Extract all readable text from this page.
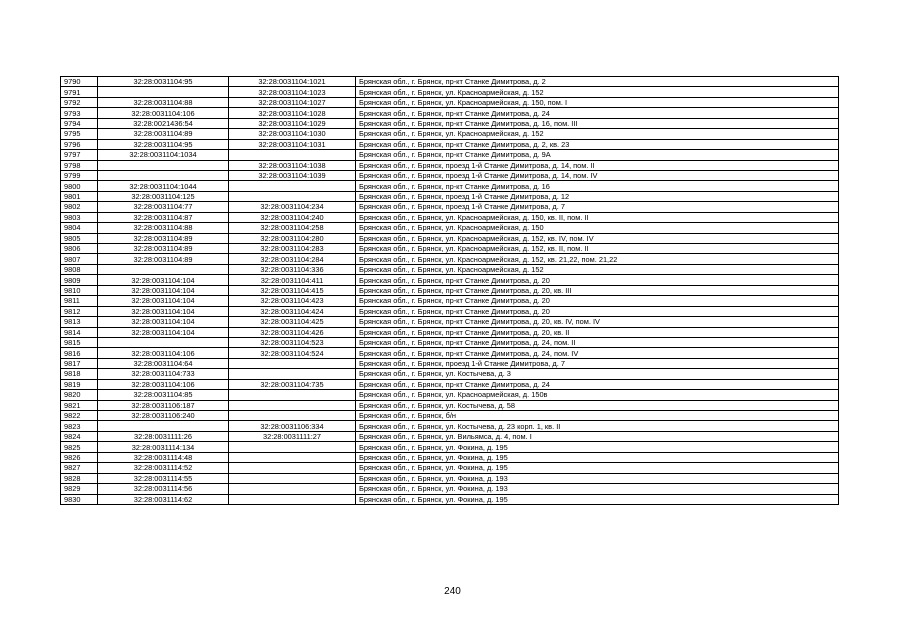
9790	32:28:0031104:95	32:28:0031104:1021	Брянская обл., г. Брянск, пр-кт Станке Димитрова, д. 2
9791		32:28:0031104:1023	Брянская обл., г. Брянск, ул. Красноармейская, д. 152
9792	32:28:0031104:88	32:28:0031104:1027	Брянская обл., г. Брянск, ул. Красноармейская, д. 150, пом. I
9793	32:28:0031104:106	32:28:0031104:1028	Брянская обл., г. Брянск, пр-кт Станке Димитрова, д. 24
9794	32:28:0021436:54	32:28:0031104:1029	Брянская обл., г. Брянск, пр-кт Станке Димитрова, д. 16, пом. III
9795	32:28:0031104:89	32:28:0031104:1030	Брянская обл., г. Брянск, ул. Красноармейская, д. 152
9796	32:28:0031104:95	32:28:0031104:1031	Брянская обл., г. Брянск, пр-кт Станке Димитрова, д. 2, кв. 23
9797	32:28:0031104:1034		Брянская обл., г. Брянск, пр-кт Станке Димитрова, д. 9А
9798		32:28:0031104:1038	Брянская обл., г. Брянск, проезд 1-й Станке Димитрова, д. 14, пом. II
9799		32:28:0031104:1039	Брянская обл., г. Брянск, проезд 1-й Станке Димитрова, д. 14, пом. IV
9800	32:28:0031104:1044		Брянская обл., г. Брянск, пр-кт Станке Димитрова, д. 16
9801	32:28:0031104:125		Брянская обл., г. Брянск, проезд 1-й Станке Димитрова, д. 12
9802	32:28:0031104:77	32:28:0031104:234	Брянская обл., г. Брянск, проезд 1-й Станке Димитрова, д. 7
9803	32:28:0031104:87	32:28:0031104:240	Брянская обл., г. Брянск, ул. Красноармейская, д. 150, кв. II, пом. II
9804	32:28:0031104:88	32:28:0031104:258	Брянская обл., г. Брянск, ул. Красноармейская, д. 150
9805	32:28:0031104:89	32:28:0031104:280	Брянская обл., г. Брянск, ул. Красноармейская, д. 152, кв. IV, пом. IV
9806	32:28:0031104:89	32:28:0031104:283	Брянская обл., г. Брянск, ул. Красноармейская, д. 152, кв. II, пом. II
9807	32:28:0031104:89	32:28:0031104:284	Брянская обл., г. Брянск, ул. Красноармейская, д. 152, кв. 21,22, пом. 21,22
9808		32:28:0031104:336	Брянская обл., г. Брянск, ул. Красноармейская, д. 152
9809	32:28:0031104:104	32:28:0031104:411	Брянская обл., г. Брянск, пр-кт Станке Димитрова, д. 20
9810	32:28:0031104:104	32:28:0031104:415	Брянская обл., г. Брянск, пр-кт Станке Димитрова, д. 20, кв. III
9811	32:28:0031104:104	32:28:0031104:423	Брянская обл., г. Брянск, пр-кт Станке Димитрова, д. 20
9812	32:28:0031104:104	32:28:0031104:424	Брянская обл., г. Брянск, пр-кт Станке Димитрова, д. 20
9813	32:28:0031104:104	32:28:0031104:425	Брянская обл., г. Брянск, пр-кт Станке Димитрова, д. 20, кв. IV, пом. IV
9814	32:28:0031104:104	32:28:0031104:426	Брянская обл., г. Брянск, пр-кт Станке Димитрова, д. 20, кв. II
9815		32:28:0031104:523	Брянская обл., г. Брянск, пр-кт Станке Димитрова, д. 24, пом. II
9816	32:28:0031104:106	32:28:0031104:524	Брянская обл., г. Брянск, пр-кт Станке Димитрова, д. 24, пом. IV
9817	32:28:0031104:64		Брянская обл., г. Брянск, проезд 1-й Станке Димитрова, д. 7
9818	32:28:0031104:733		Брянская обл., г. Брянск, ул. Костычева, д. 3
9819	32:28:0031104:106	32:28:0031104:735	Брянская обл., г. Брянск, пр-кт Станке Димитрова, д. 24
9820	32:28:0031104:85		Брянская обл., г. Брянск, ул. Красноармейская, д. 150в
9821	32:28:0031106:187		Брянская обл., г. Брянск, ул. Костычева, д. 58
9822	32:28:0031106:240		Брянская обл., г. Брянск, б/н
9823		32:28:0031106:334	Брянская обл., г. Брянск, ул. Костычева, д. 23 корп. 1, кв. II
9824	32:28:0031111:26	32:28:0031111:27	Брянская обл., г. Брянск, ул. Вильямса, д. 4, пом. I
9825	32:28:0031114:134		Брянская обл., г. Брянск, ул. Фокина, д. 195
9826	32:28:0031114:48		Брянская обл., г. Брянск, ул. Фокина, д. 195
9827	32:28:0031114:52		Брянская обл., г. Брянск, ул. Фокина, д. 195
9828	32:28:0031114:55		Брянская обл., г. Брянск, ул. Фокина, д. 193
9829	32:28:0031114:56		Брянская обл., г. Брянск, ул. Фокина, д. 193
9830	32:28:0031114:62		Брянская обл., г. Брянск, ул. Фокина, д. 195
240
